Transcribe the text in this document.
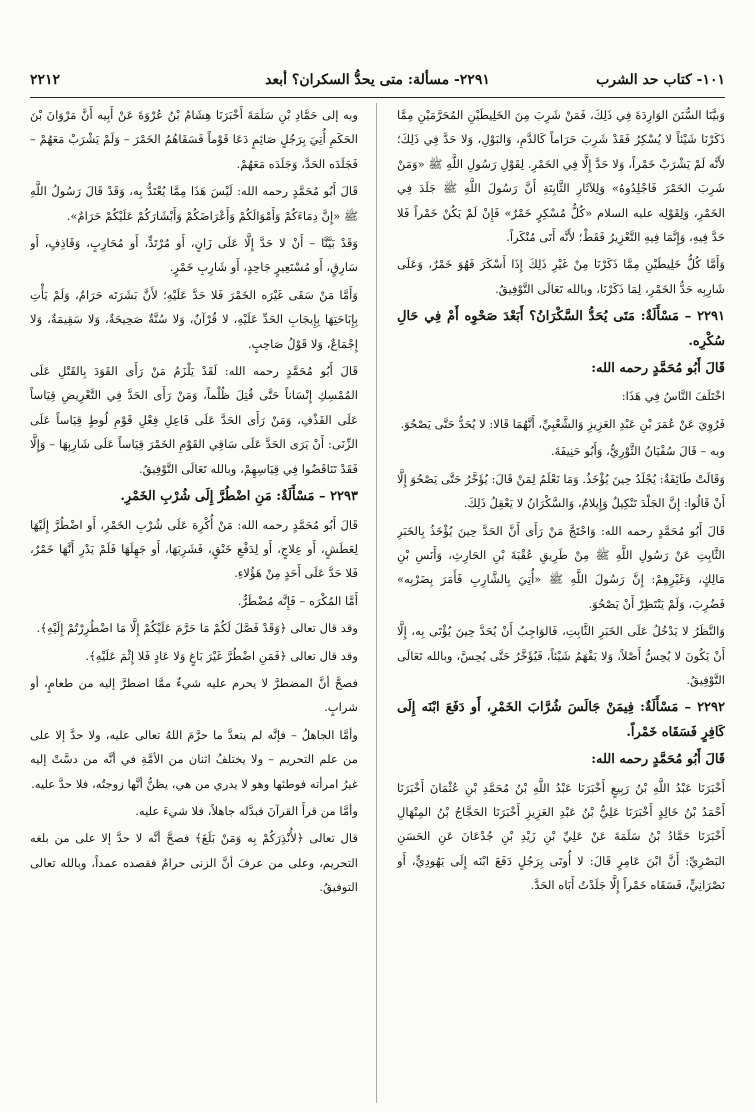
١٠١- كتاب حد الشرب
٢٢٩١- مسألة: متى يحدُّ السكران؟ أبعد
٢٢١٢

وَبيَّنَا السُّنَنَ الوَارِدَةَ فِي ذَلِكَ، فَمَنْ شَرِبَ مِنَ الخَلِيطَيْنِ المُحَرَّمَيْنِ مِمَّا ذَكَرْنَا شَيْئاً لا يُسْكِرُ فَقَدْ شَرِبَ حَرَاماً كَالدَّمِ، وَالبَوْلِ، وَلا حَدَّ فِي ذَلِكَ؛ لأَنَّه لَمْ يَشْرَبْ خَمْراً، وَلا حَدَّ إِلَّا فِي الخَمْرِ. لِقَوْلِ رَسُولِ اللَّهِ ﷺ «وَمَنْ شَرِبَ الخَمْرَ فَاجْلِدُوهُ» وَلِلآثَارِ الثَّابِتَةِ أَنَّ رَسُولَ اللَّهِ ﷺ جَلَدَ فِي الخَمْرِ، وَلِقَوْلِه عليه السلام «كُلُّ مُسْكِرٍ خَمْرٌ» فَإِنْ لَمْ يَكُنْ خَمْراً فَلا حَدَّ فِيهِ، وَإِنَّمَا فِيهِ التَّعْزِيرُ فَقَطْ؛ لأَنَّه أَتَى مُنْكَراً.

وَأَمَّا كُلُّ خَلِيطَيْنِ مِمَّا ذَكَرْنَا مِنْ غَيْرِ ذَلِكَ إِذَا أَسْكَرَ فَهُوَ خَمْرٌ، وَعَلَى شَارِبِه حَدُّ الخَمْرِ، لِمَا ذَكَرْنَا، وبالله تَعَالَى التَّوْفِيقُ.

٢٢٩١ – مَسْأَلَةٌ: مَتَى يُحَدُّ السَّكْرَانُ؟ أَبَعْدَ صَحْوِه أَمْ فِي حَالِ سُكْرِه.

قَالَ أَبُو مُحَمَّدٍ رحمه الله:

اخْتَلَفَ النَّاسُ فِي هَذَا:

فَرُوِيَ عَنْ عُمَرَ بْنِ عَبْدِ العَزِيزِ وَالشَّعْبِيِّ، أَنَّهُمَا قَالا: لا يُحَدُّ حَتَّى يَصْحُوَ.

وبه – قَالَ سُفْيَانُ الثَّوْرِيُّ، وَأَبُو حَنِيفَةَ.

وَقَالَتْ طَائِفَةٌ: يُجْلَدُ حِينَ يُؤْخَذُ. وَمَا نَعْلَمُ لِمَنْ قَالَ: يُؤَخَّرُ حَتَّى يَصْحُوَ إِلَّا أَنْ قَالُوا: إِنَّ الجَلْدَ تَنْكِيلٌ وَإِيلامٌ، وَالسَّكْرَانُ لا يَعْقِلُ ذَلِكَ.

قَالَ أَبُو مُحَمَّدٍ رحمه الله: وَاحْتَجَّ مَنْ رَأَى أَنَّ الحَدَّ حِينَ يُؤْخَذُ بِالخَبَرِ الثَّابِتِ عَنْ رَسُولِ اللَّهِ ﷺ مِنْ طَرِيقِ عُقْبَةَ بْنِ الحَارِثِ، وَأَنَسِ بْنِ مَالِكٍ، وَغَيْرِهِمْ: إِنَّ رَسُولَ اللَّهِ ﷺ «أُتِيَ بِالشَّارِبِ فَأَمَرَ بِضَرْبِه» فَضُرِبَ، وَلَمْ يَنْتَظِرْ أَنْ يَصْحُوَ.

وَالنَّظَرُ لا يَدْخُلُ عَلَى الخَبَرِ الثَّابِتِ، فَالوَاجِبُ أَنْ يُحَدَّ حِينَ يُؤْتَى بِه، إِلَّا أَنْ يَكُونَ لا يُحِسُّ أَصْلاً، وَلا يَفْهَمُ شَيْئاً، فَيُؤَخَّرُ حَتَّى يُحِسَّ، وبالله تَعَالَى التَّوْفِيقُ.

٢٢٩٢ – مَسْأَلَةٌ: فِيمَنْ جَالَسَ شُرَّابَ الخَمْرِ، أَو دَفَعَ ابْنَه إِلَى كَافِرٍ فَسَقَاه خَمْراً.

قَالَ أَبُو مُحَمَّدٍ رحمه الله:

أَخْبَرَنَا عَبْدُ اللَّهِ بْنُ رَبِيعٍ أَخْبَرَنَا عَبْدُ اللَّهِ بْنُ مُحَمَّدِ بْنِ عُثْمَانَ أَخْبَرَنَا أَحْمَدُ بْنُ خَالِدٍ أَخْبَرَنَا عَلِيُّ بْنُ عَبْدِ العَزِيزِ أَخْبَرَنَا الحَجَّاجُ بْنُ المِنْهَالِ أَخْبَرَنَا حَمَّادُ بْنُ سَلَمَةَ عَنْ عَلِيِّ بْنِ زَيْدِ بْنِ جُدْعَانَ عَنِ الحَسَنِ البَصْرِيِّ: أَنَّ ابْنَ عَامِرٍ قَالَ: لا أُوتَى بِرَجُلٍ دَفَعَ ابْنَه إِلَى يَهُودِيٍّ، أَو نَصْرَانِيٍّ، فَسَقَاه خَمْراً إِلَّا جَلَدْتُ أَبَاه الحَدَّ.

وبه إلى حَمَّادِ بْنِ سَلَمَةَ أَخْبَرَنَا هِشَامُ بْنُ عُرْوَةَ عَنْ أَبِيه أَنَّ مَرْوَانَ بْنَ الحَكَمِ أُتِيَ بِرَجُلٍ صَائِمٍ دَعَا قَوْماً فَسَقَاهُمُ الخَمْرَ – وَلَمْ يَشْرَبْ مَعَهُمْ – فَجَلَدَه الحَدَّ، وَجَلَدَه مَعَهُمْ.

قَالَ أَبُو مُحَمَّدٍ رحمه الله: لَيْسَ هَذَا مِمَّا يُعْتَدُّ بِه، وَقَدْ قَالَ رَسُولُ اللَّهِ ﷺ «إِنَّ دِمَاءَكُمْ وَأَمْوَالَكُمْ وَأَعْرَاضَكُمْ وَأَبْشَارَكُمْ عَلَيْكُمْ حَرَامٌ».

وَقَدْ بَيَّنَّا – أَنْ لا حَدَّ إِلَّا عَلَى زَانٍ، أَو مُرْتَدٍّ، أَو مُحَارِبٍ، وَقَاذِفٍ، أَو سَارِقٍ، أَو مُسْتَعِيرٍ جَاحِدٍ، أَو شَارِبِ خَمْرٍ.

وَأَمَّا مَنْ سَقَى غَيْرَه الخَمْرَ فَلا حَدَّ عَلَيْهِ؛ لأَنَّ بَشَرَتَه حَرَامٌ، وَلَمْ يَأْتِ بِإِبَاحَتِهَا بِإِيجَابِ الحَدِّ عَلَيْهِ، لا قُرْآنٌ، وَلا سُنَّةٌ صَحِيحَةٌ، وَلا سَقِيمَةٌ، وَلا إِجْمَاعٌ، وَلا قَوْلُ صَاحِبٍ.

قَالَ أَبُو مُحَمَّدٍ رحمه الله: لَقَدْ يَلْزَمُ مَنْ رَأَى القَوَدَ بِالقَتْلِ عَلَى المُمْسِكِ إِنْسَاناً حَتَّى قُتِلَ ظُلْماً، وَمَنْ رَأَى الحَدَّ فِي التَّعْرِيضِ قِيَاساً عَلَى القَذْفِ، وَمَنْ رَأَى الحَدَّ عَلَى فَاعِلِ فِعْلِ قَوْمِ لُوطٍ قِيَاساً عَلَى الزِّنَى: أَنْ يَرَى الحَدَّ عَلَى سَاقِي القَوْمِ الخَمْرَ قِيَاساً عَلَى شَارِبِهَا – وَإِلَّا فَقَدْ تَنَاقَضُوا فِي قِيَاسِهِمْ، وبالله تَعَالَى التَّوْفِيقُ.

٢٢٩٣ – مَسْأَلَةٌ: مَنِ اضْطُرَّ إِلَى شُرْبِ الخَمْرِ.

قَالَ أَبُو مُحَمَّدٍ رحمه الله: مَنْ أُكْرِهَ عَلَى شُرْبِ الخَمْرِ، أَو اضْطُرَّ إِلَيْهَا لِعَطَشٍ، أَو عِلاجٍ، أَو لِدَفْعِ خَنْقٍ، فَشَرِبَهَا، أَو جَهِلَهَا فَلَمْ يَدْرِ أَنَّهَا خَمْرٌ، فَلا حَدَّ عَلَى أَحَدٍ مِنْ هَؤُلاءِ.

أَمَّا المُكْرَه – فَإِنَّه مُضْطَرٌّ.

وقد قال تعالى ﴿وَقَدْ فَصَّلَ لَكُمْ مَا حَرَّمَ عَلَيْكُمْ إِلَّا مَا اضْطُرِرْتُمْ إِلَيْهِ﴾.

وقد قال تعالى ﴿فَمَنِ اضْطُرَّ غَيْرَ بَاغٍ وَلا عَادٍ فَلا إِثْمَ عَلَيْهِ﴾.

فصحَّ أنَّ المضطرَّ لا يحرم عليه شيءٌ ممَّا اضطرَّ إليه من طعامٍ، أو شرابٍ.

وأمَّا الجاهلُ – فإنَّه لم يتعدَّ ما حرَّمَ اللهُ تعالى عليه، ولا حدَّ إلا على من علم التحريم – ولا يختلفُ اثنان من الأمَّةِ في أنَّه من دسَّتْ إليه غيرُ امرأته فوطئها وهو لا يدري من هي، يظنُّ أنَّها زوجتُه، فلا حدَّ عليه.

وأمَّا من قرأَ القرآنَ فبدَّله جاهلاً، فلا شيءَ عليه.

قال تعالى ﴿لأُنْذِرَكُمْ بِه وَمَنْ بَلَغَ﴾ فصحَّ أنَّه لا حدَّ إلا على من بلغه التحريم، وعلى من عرفَ أنَّ الزنى حرامٌ فقصده عمداً، وبالله تعالى التوفيقُ.
